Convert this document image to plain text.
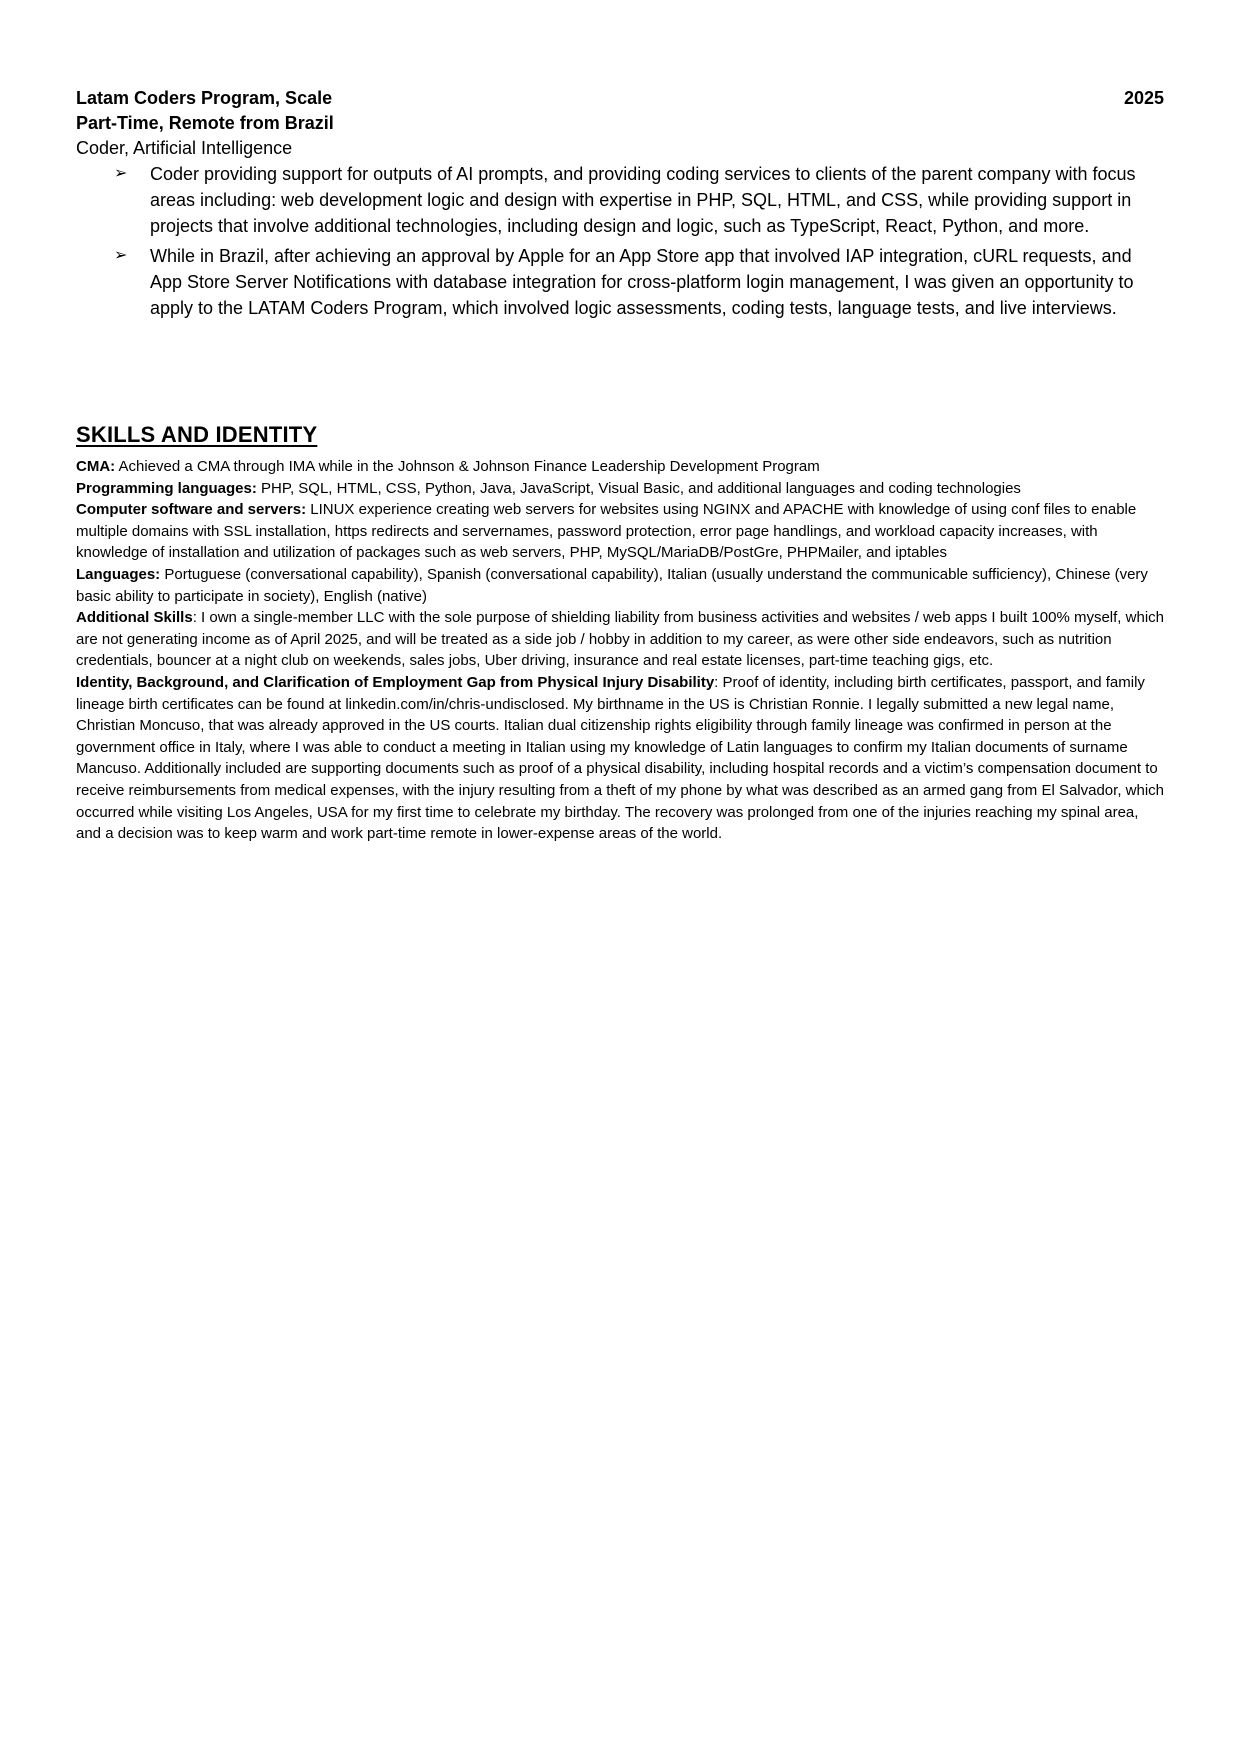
Latam Coders Program, Scale	2025
Part-Time, Remote from Brazil
Coder, Artificial Intelligence
➢ Coder providing support for outputs of AI prompts, and providing coding services to clients of the parent company with focus areas including: web development logic and design with expertise in PHP, SQL, HTML, and CSS, while providing support in projects that involve additional technologies, including design and logic, such as TypeScript, React, Python, and more.
➢ While in Brazil, after achieving an approval by Apple for an App Store app that involved IAP integration, cURL requests, and App Store Server Notifications with database integration for cross-platform login management, I was given an opportunity to apply to the LATAM Coders Program, which involved logic assessments, coding tests, language tests, and live interviews.
SKILLS AND IDENTITY

CMA: Achieved a CMA through IMA while in the Johnson & Johnson Finance Leadership Development Program

Programming languages: PHP, SQL, HTML, CSS, Python, Java, JavaScript, Visual Basic, and additional languages and coding technologies

Computer software and servers: LINUX experience creating web servers for websites using NGINX and APACHE with knowledge of using conf files to enable multiple domains with SSL installation, https redirects and servernames, password protection, error page handlings, and workload capacity increases, with knowledge of installation and utilization of packages such as web servers, PHP, MySQL/MariaDB/PostGre, PHPMailer, and iptables

Languages: Portuguese (conversational capability), Spanish (conversational capability), Italian (usually understand the communicable sufficiency), Chinese (very basic ability to participate in society), English (native)

Additional Skills: I own a single-member LLC with the sole purpose of shielding liability from business activities and websites / web apps I built 100% myself, which are not generating income as of April 2025, and will be treated as a side job / hobby in addition to my career, as were other side endeavors, such as nutrition credentials, bouncer at a night club on weekends, sales jobs, Uber driving, insurance and real estate licenses, part-time teaching gigs, etc.

Identity, Background, and Clarification of Employment Gap from Physical Injury Disability: Proof of identity, including birth certificates, passport, and family lineage birth certificates can be found at linkedin.com/in/chris-undisclosed. My birthname in the US is Christian Ronnie. I legally submitted a new legal name, Christian Moncuso, that was already approved in the US courts. Italian dual citizenship rights eligibility through family lineage was confirmed in person at the government office in Italy, where I was able to conduct a meeting in Italian using my knowledge of Latin languages to confirm my Italian documents of surname Mancuso. Additionally included are supporting documents such as proof of a physical disability, including hospital records and a victim’s compensation document to receive reimbursements from medical expenses, with the injury resulting from a theft of my phone by what was described as an armed gang from El Salvador, which occurred while visiting Los Angeles, USA for my first time to celebrate my birthday. The recovery was prolonged from one of the injuries reaching my spinal area, and a decision was to keep warm and work part-time remote in lower-expense areas of the world.
